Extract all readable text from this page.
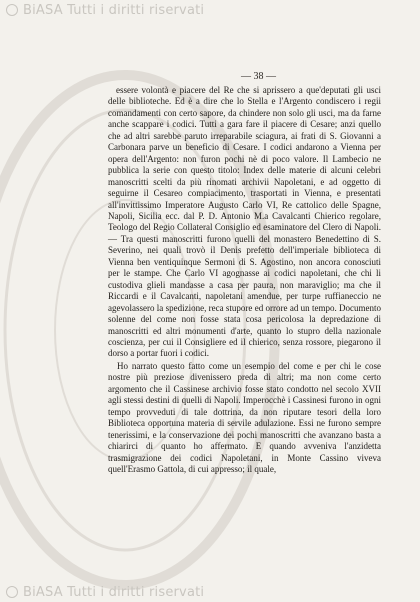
BiASA Tutti i diritti riservati
— 38 —

essere volontà e piacere del Re che si aprissero a que'deputati gli usci delle biblioteche. Ed è a dire che lo Stella e l'Argento condiscero i regii comandamenti con certo sapore, da chindere non solo gli usci, ma da farne anche scappare i codici. Tutti a gara fare il piacere di Cesare; anzi quello che ad altri sarebbe paruto irreparabile sciagura, ai frati di S. Giovanni a Carbonara parve un beneficio di Cesare. I codici andarono a Vienna per opera dell'Argento: non furon pochi nè di poco valore. Il Lambecio ne pubblica la serie con questo titolo: Index delle materie di alcuni celebri manoscritti scelti da più rinomati archivii Napoletani, e ad oggetto di seguirne il Cesareo compiacimento, trasportati in Vienna, e presentati all'invittissimo Imperatore Augusto Carlo VI, Re cattolico delle Spagne, Napoli, Sicilia ecc. dal P. D. Antonio M.a Cavalcanti Chierico regolare, Teologo del Regio Collateral Consiglio ed esaminatore del Clero di Napoli. — Tra questi manoscritti furono quelli del monastero Benedettino di S. Severino, nei quali trovò il Denis prefetto dell'imperiale biblioteca di Vienna ben ventiquinque Sermoni di S. Agostino, non ancora conosciuti per le stampe. Che Carlo VI agognasse ai codici napoletani, che chi li custodiva glieli mandasse a casa per paura, non maraviglio; ma che il Riccardi e il Cavalcanti, napoletani amendue, per turpe ruffianeccio ne agevolassero la spedizione, reca stupore ed orrore ad un tempo. Documento solenne del come non fosse stata cosa pericolosa la depredazione di manoscritti ed altri monumenti d'arte, quanto lo stupro della nazionale coscienza, per cui il Consigliere ed il chierico, senza rossore, piegarono il dorso a portar fuori i codici.

Ho narrato questo fatto come un esempio del come e per chi le cose nostre più preziose divenissero preda di altri; ma non come certo argomento che il Cassinese archivio fosse stato condotto nel secolo XVII agli stessi destini di quelli di Napoli. Imperocchè i Cassinesi furono in ogni tempo provveduti di tale dottrina, da non riputare tesori della loro Biblioteca opportuna materia di servile adulazione. Essi ne furono sempre tenerissimi, e la conservazione dei pochi manoscritti che avanzano basta a chiarirci di quanto ho affermato. E quando avveniva l'anzidetta trasmigrazione dei codici Napoletani, in Monte Cassino viveva quell'Erasmo Gattola, di cui appresso; il quale,

BiASA Tutti i diritti riservati
